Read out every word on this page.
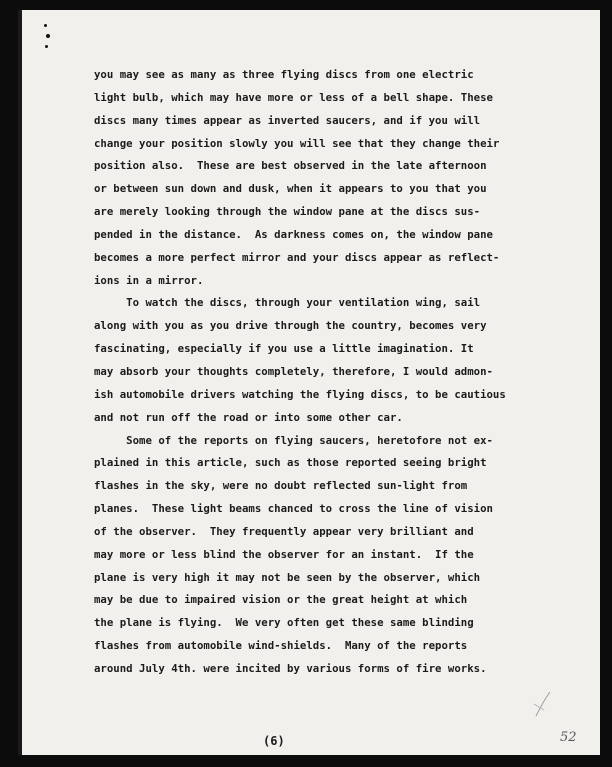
you may see as many as three flying discs from one electric
light bulb, which may have more or less of a bell shape. These
discs many times appear as inverted saucers, and if you will
change your position slowly you will see that they change their
position also.  These are best observed in the late afternoon
or between sun down and dusk, when it appears to you that you
are merely looking through the window pane at the discs sus-
pended in the distance.  As darkness comes on, the window pane
becomes a more perfect mirror and your discs appear as reflect-
ions in a mirror.
To watch the discs, through your ventilation wing, sail
along with you as you drive through the country, becomes very
fascinating, especially if you use a little imagination. It
may absorb your thoughts completely, therefore, I would admon-
ish automobile drivers watching the flying discs, to be cautious
and not run off the road or into some other car.
Some of the reports on flying saucers, heretofore not ex-
plained in this article, such as those reported seeing bright
flashes in the sky, were no doubt reflected sun-light from
planes.  These light beams chanced to cross the line of vision
of the observer.  They frequently appear very brilliant and
may more or less blind the observer for an instant.  If the
plane is very high it may not be seen by the observer, which
may be due to impaired vision or the great height at which
the plane is flying.  We very often get these same blinding
flashes from automobile wind-shields.  Many of the reports
around July 4th. were incited by various forms of fire works.
(6)	52
